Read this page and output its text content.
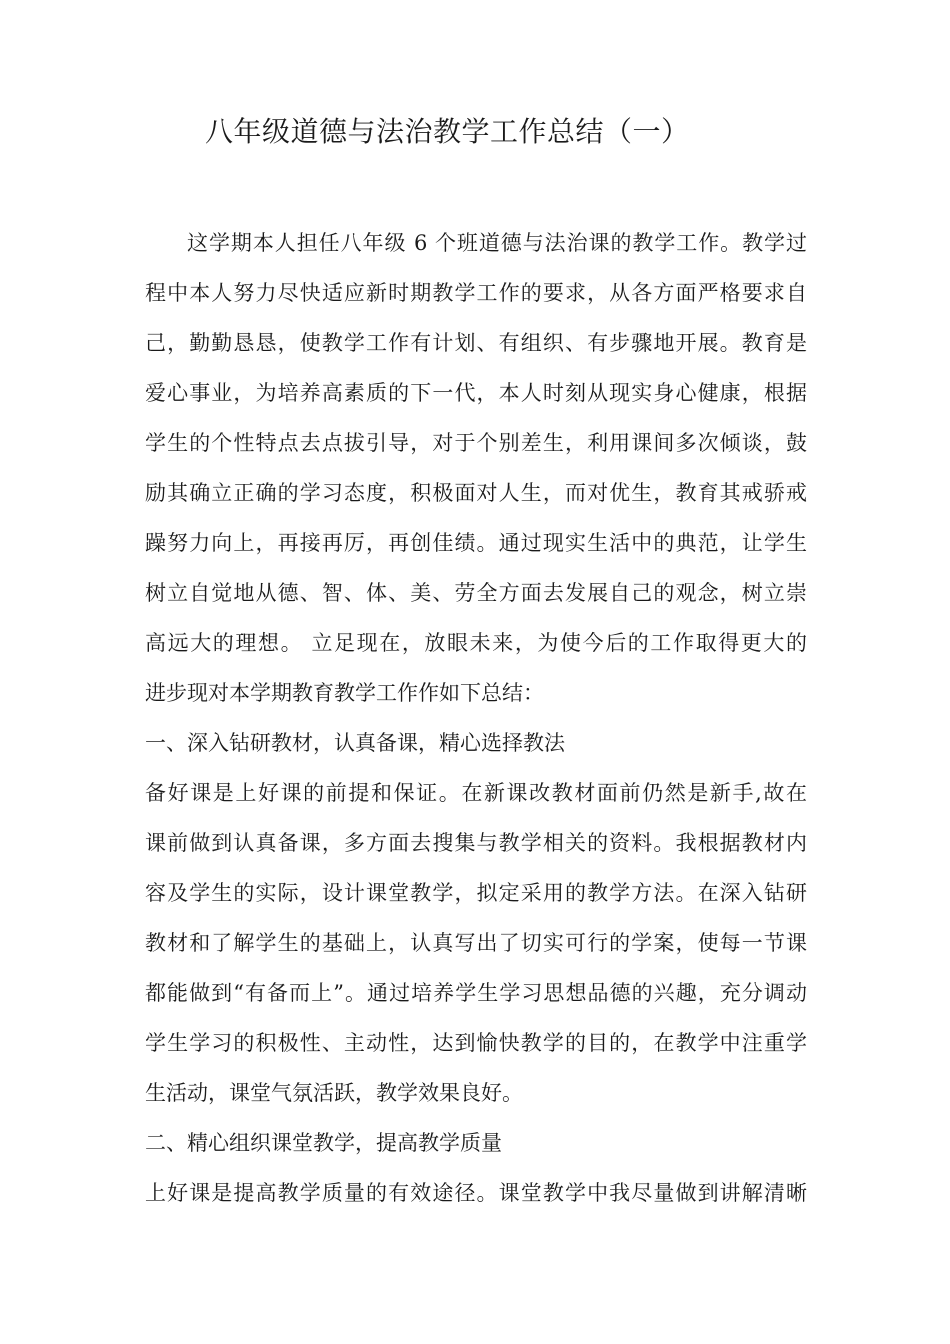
八年级道德与法治教学工作总结（一）
这学期本人担任八年级 6 个班道德与法治课的教学工作。教学过
程中本人努力尽快适应新时期教学工作的要求，从各方面严格要求自
己，勤勤恳恳，使教学工作有计划、有组织、有步骤地开展。教育是
爱心事业，为培养高素质的下一代，本人时刻从现实身心健康，根据
学生的个性特点去点拔引导，对于个别差生，利用课间多次倾谈，鼓
励其确立正确的学习态度，积极面对人生，而对优生，教育其戒骄戒
躁努力向上，再接再厉，再创佳绩。通过现实生活中的典范，让学生
树立自觉地从德、智、体、美、劳全方面去发展自己的观念，树立崇
高远大的理想。 立足现在，放眼未来，为使今后的工作取得更大的
进步现对本学期教育教学工作作如下总结：
一、深入钻研教材，认真备课，精心选择教法
备好课是上好课的前提和保证。在新课改教材面前仍然是新手,故在
课前做到认真备课，多方面去搜集与教学相关的资料。我根据教材内
容及学生的实际，设计课堂教学，拟定采用的教学方法。在深入钻研
教材和了解学生的基础上，认真写出了切实可行的学案，使每一节课
都能做到“有备而上”。通过培养学生学习思想品德的兴趣，充分调动
学生学习的积极性、主动性，达到愉快教学的目的，在教学中注重学
生活动，课堂气氛活跃，教学效果良好。
二、精心组织课堂教学，提高教学质量
上好课是提高教学质量的有效途径。课堂教学中我尽量做到讲解清晰
